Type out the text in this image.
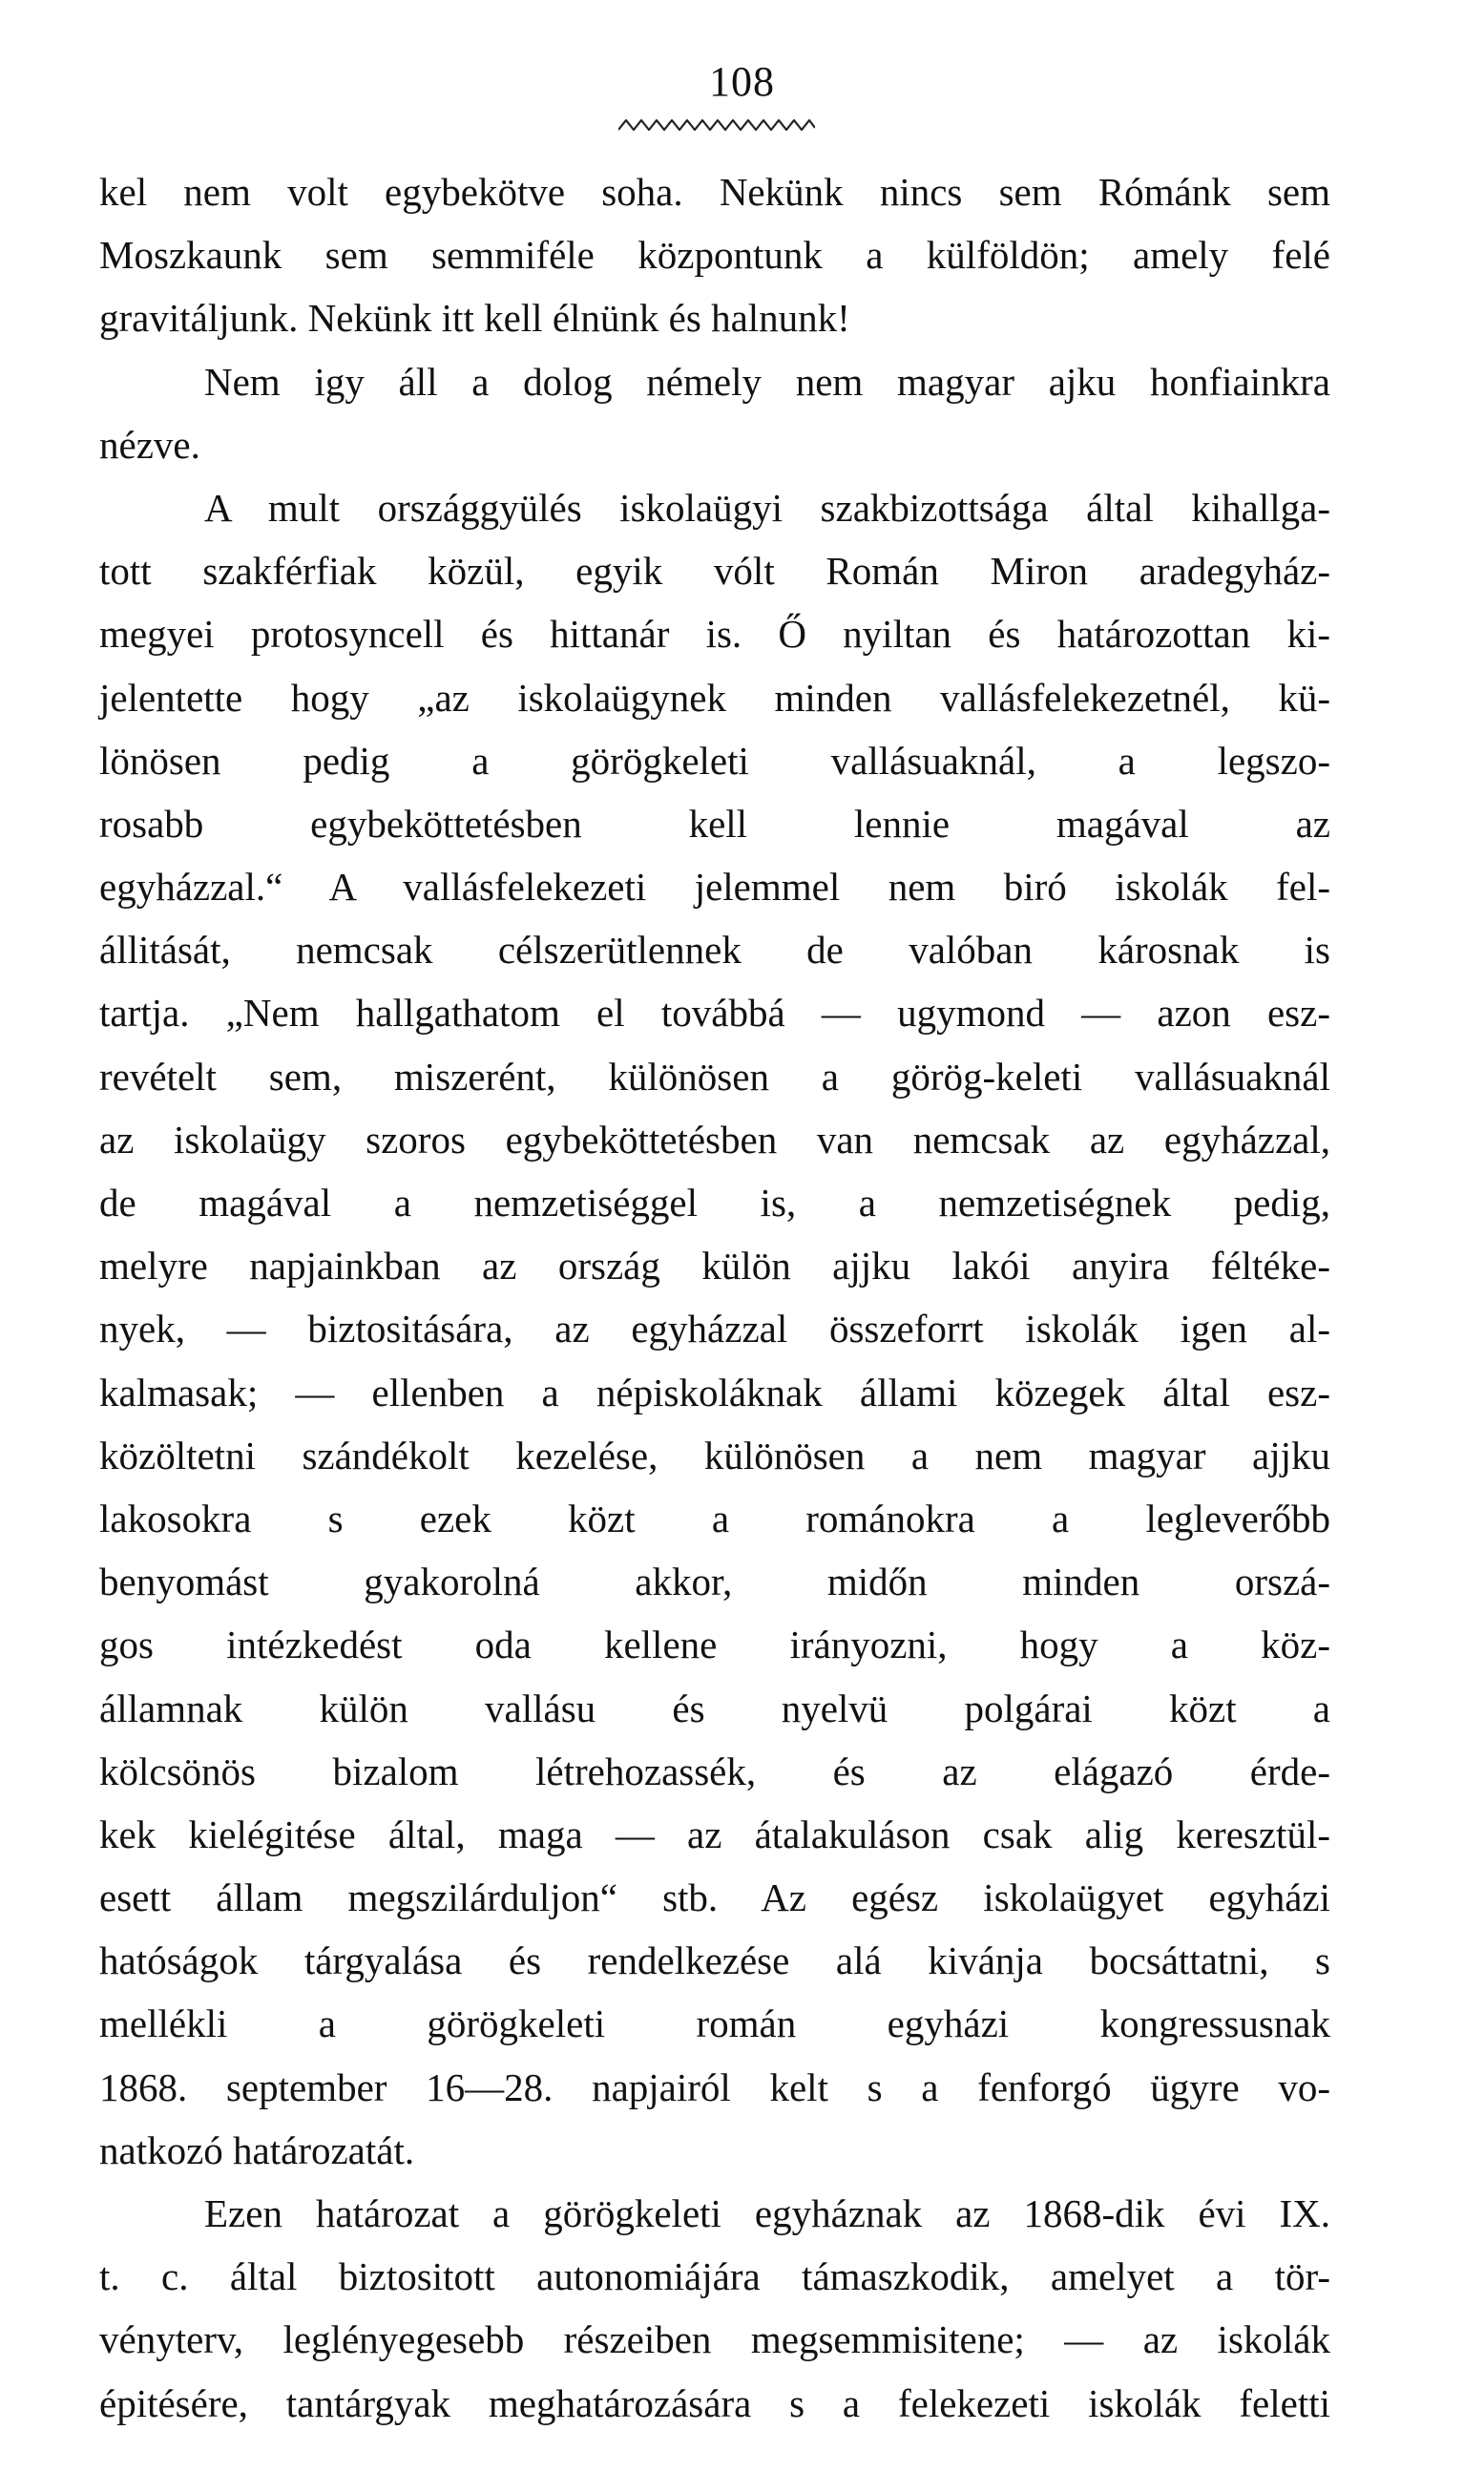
108
kel nem volt egybekötve soha. Nekünk nincs sem Rómánk sem
Moszkaunk sem semmiféle központunk a külföldön; amely felé
gravitáljunk. Nekünk itt kell élnünk és halnunk!
Nem igy áll a dolog némely nem magyar ajku honfiainkra
nézve.
A mult országgyülés iskolaügyi szakbizottsága által kihallga-
tott szakférfiak közül, egyik vólt Román Miron aradegyház-
megyei protosyncell és hittanár is. Ő nyiltan és határozottan ki-
jelentette hogy „az iskolaügynek minden vallásfelekezetnél, kü-
lönösen pedig a görögkeleti vallásuaknál, a legszo-
rosabb egybeköttetésben kell lennie magával az
egyházzal.“ A vallásfelekezeti jelemmel nem biró iskolák fel-
állitását, nemcsak célszerütlennek de valóban károsnak is
tartja. „Nem hallgathatom el továbbá — ugymond — azon esz-
revételt sem, miszerént, különösen a görög-keleti vallásuaknál
az iskolaügy szoros egybeköttetésben van nemcsak az egyházzal,
de magával a nemzetiséggel is, a nemzetiségnek pedig,
melyre napjainkban az ország külön ajjku lakói anyira féltéke-
nyek, — biztositására, az egyházzal összeforrt iskolák igen al-
kalmasak; — ellenben a népiskoláknak állami közegek által esz-
közöltetni szándékolt kezelése, különösen a nem magyar ajjku
lakosokra s ezek közt a románokra a legleverőbb
benyomást gyakorolná akkor, midőn minden orszá-
gos intézkedést oda kellene irányozni, hogy a köz-
államnak külön vallásu és nyelvü polgárai közt a
kölcsönös bizalom létrehozassék, és az elágazó érde-
kek kielégitése által, maga — az átalakuláson csak alig keresztül-
esett állam megszilárduljon“ stb. Az egész iskolaügyet egyházi
hatóságok tárgyalása és rendelkezése alá kivánja bocsáttatni, s
mellékli a görögkeleti román egyházi kongressusnak
1868. september 16—28. napjairól kelt s a fenforgó ügyre vo-
natkozó határozatát.
Ezen határozat a görögkeleti egyháznak az 1868-dik évi IX.
t. c. által biztositott autonomiájára támaszkodik, amelyet a tör-
vényterv, leglényegesebb részeiben megsemmisitene; — az iskolák
épitésére, tantárgyak meghatározására s a felekezeti iskolák feletti
